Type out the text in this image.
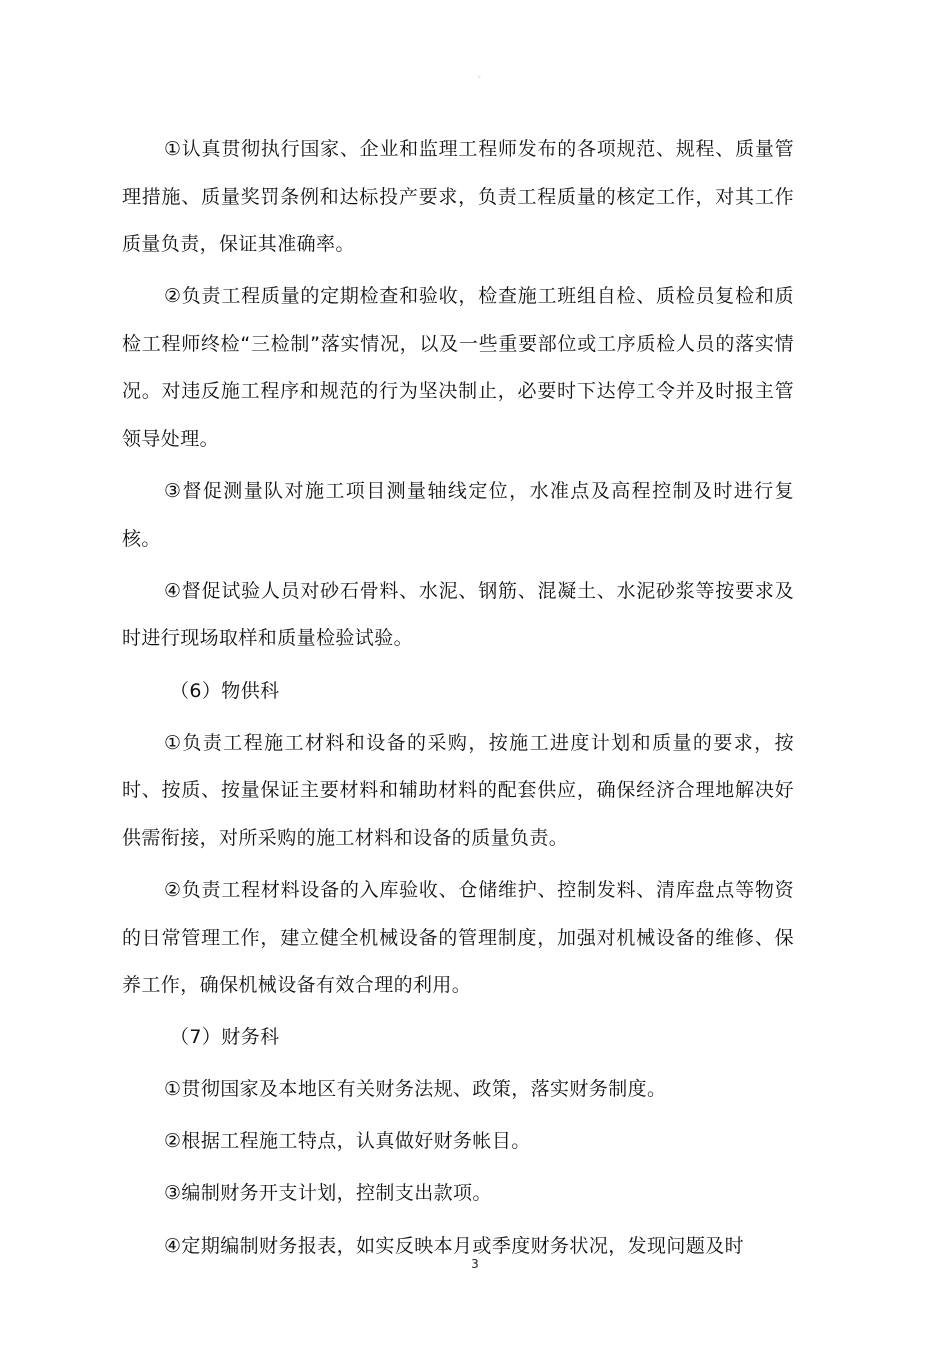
。

①认真贯彻执行国家、企业和监理工程师发布的各项规范、规程、质量管理措施、质量奖罚条例和达标投产要求，负责工程质量的核定工作，对其工作质量负责，保证其准确率。

②负责工程质量的定期检查和验收，检查施工班组自检、质检员复检和质检工程师终检“三检制”落实情况，以及一些重要部位或工序质检人员的落实情况。对违反施工程序和规范的行为坚决制止，必要时下达停工令并及时报主管领导处理。

③督促测量队对施工项目测量轴线定位，水准点及高程控制及时进行复核。

④督促试验人员对砂石骨料、水泥、钢筋、混凝土、水泥砂浆等按要求及时进行现场取样和质量检验试验。

（6）物供科

①负责工程施工材料和设备的采购，按施工进度计划和质量的要求，按时、按质、按量保证主要材料和辅助材料的配套供应，确保经济合理地解决好供需衔接，对所采购的施工材料和设备的质量负责。

②负责工程材料设备的入库验收、仓储维护、控制发料、清库盘点等物资的日常管理工作，建立健全机械设备的管理制度，加强对机械设备的维修、保养工作，确保机械设备有效合理的利用。

（7）财务科

①贯彻国家及本地区有关财务法规、政策，落实财务制度。

②根据工程施工特点，认真做好财务帐目。

③编制财务开支计划，控制支出款项。

④定期编制财务报表，如实反映本月或季度财务状况，发现问题及时

3
